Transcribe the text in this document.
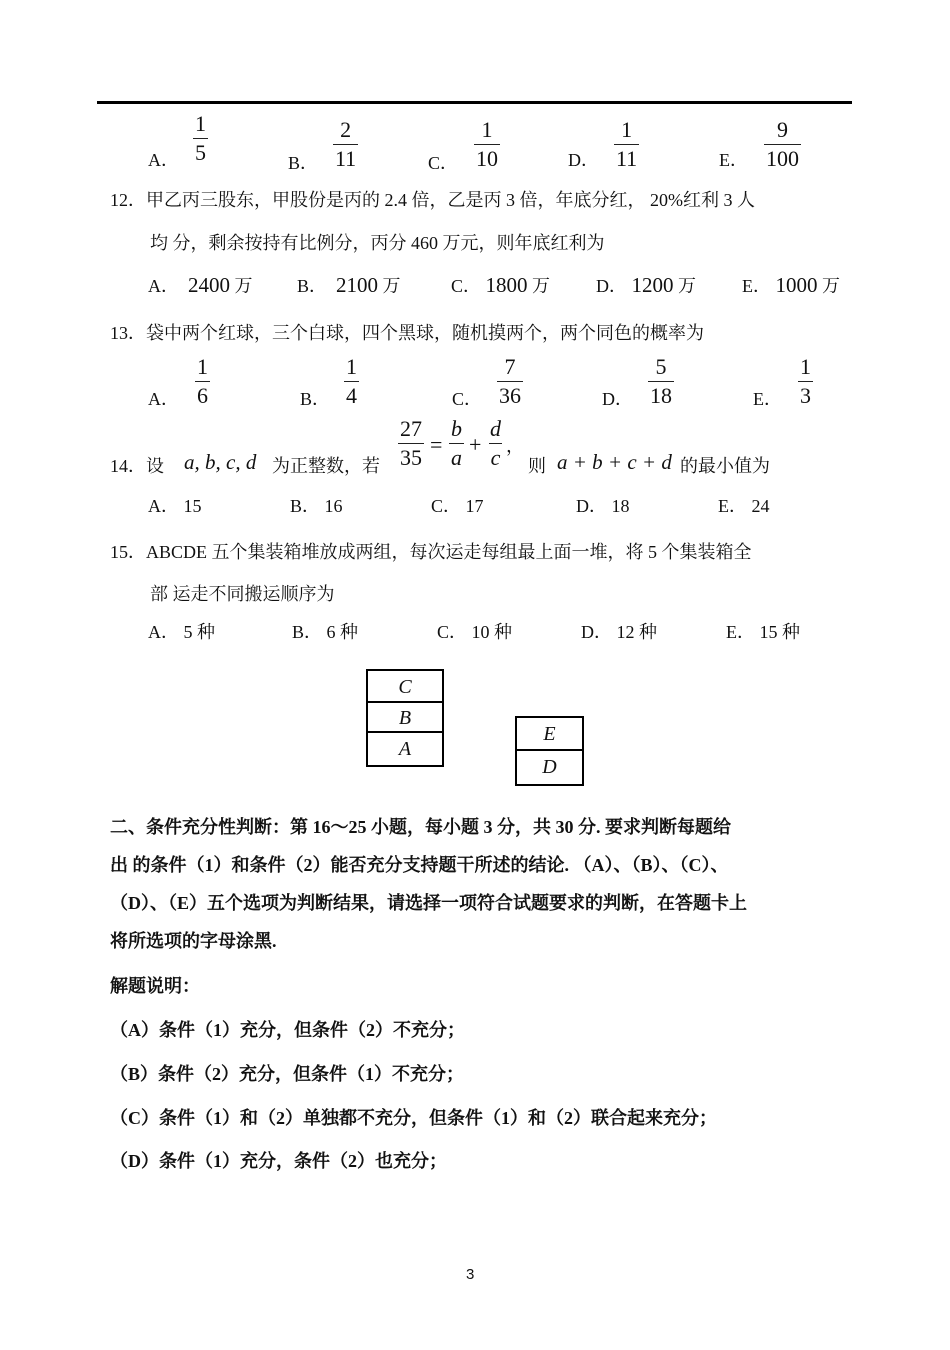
A． $\frac{1}{5}$	B． $\frac{2}{11}$	C． $\frac{1}{10}$	D． $\frac{1}{11}$	E． $\frac{9}{100}$
12．甲乙丙三股东，甲股份是丙的 2.4 倍，乙是丙 3 倍，年底分红， 20%红利 3 人
均 分，剩余按持有比例分，丙分 460 万元，则年底红利为
A． 2400 万 B． 2100 万	C． 1800 万	D． 1200 万	E． 1000 万
13．袋中两个红球，三个白球，四个黑球，随机摸两个，两个同色的概率为
A． $\frac{1}{6}$	B． $\frac{1}{4}$	C． $\frac{7}{36}$	D． $\frac{5}{18}$	E． $\frac{1}{3}$
14．设 a, b, c, d 为正整数，若 $\frac{27}{35} = \frac{b}{a} + \frac{d}{c}$ ，
则 a + b + c + d 的最小值为
A． 15	B． 16	C． 17	D． 18	E． 24
15．ABCDE 五个集装箱堆放成两组，每次运走每组最上面一堆，将 5 个集装箱全
部 运走不同搬运顺序为
A． 5 种	B． 6 种	C． 10 种	D． 12 种	E． 15 种
C
B
A
E
D
二、条件充分性判断：第 16～25 小题，每小题 3 分，共 30 分. 要求判断每题给
出 的条件（1）和条件（2）能否充分支持题干所述的结论. （A）、（B）、（C）、
（D）、（E）五个选项为判断结果，请选择一项符合试题要求的判断，在答题卡上
将所选项的字母涂黑.
解题说明：
（A）条件（1）充分，但条件（2）不充分；
（B）条件（2）充分，但条件（1）不充分；
（C）条件（1）和（2）单独都不充分，但条件（1）和（2）联合起来充分；
（D）条件（1）充分，条件（2）也充分；
3
